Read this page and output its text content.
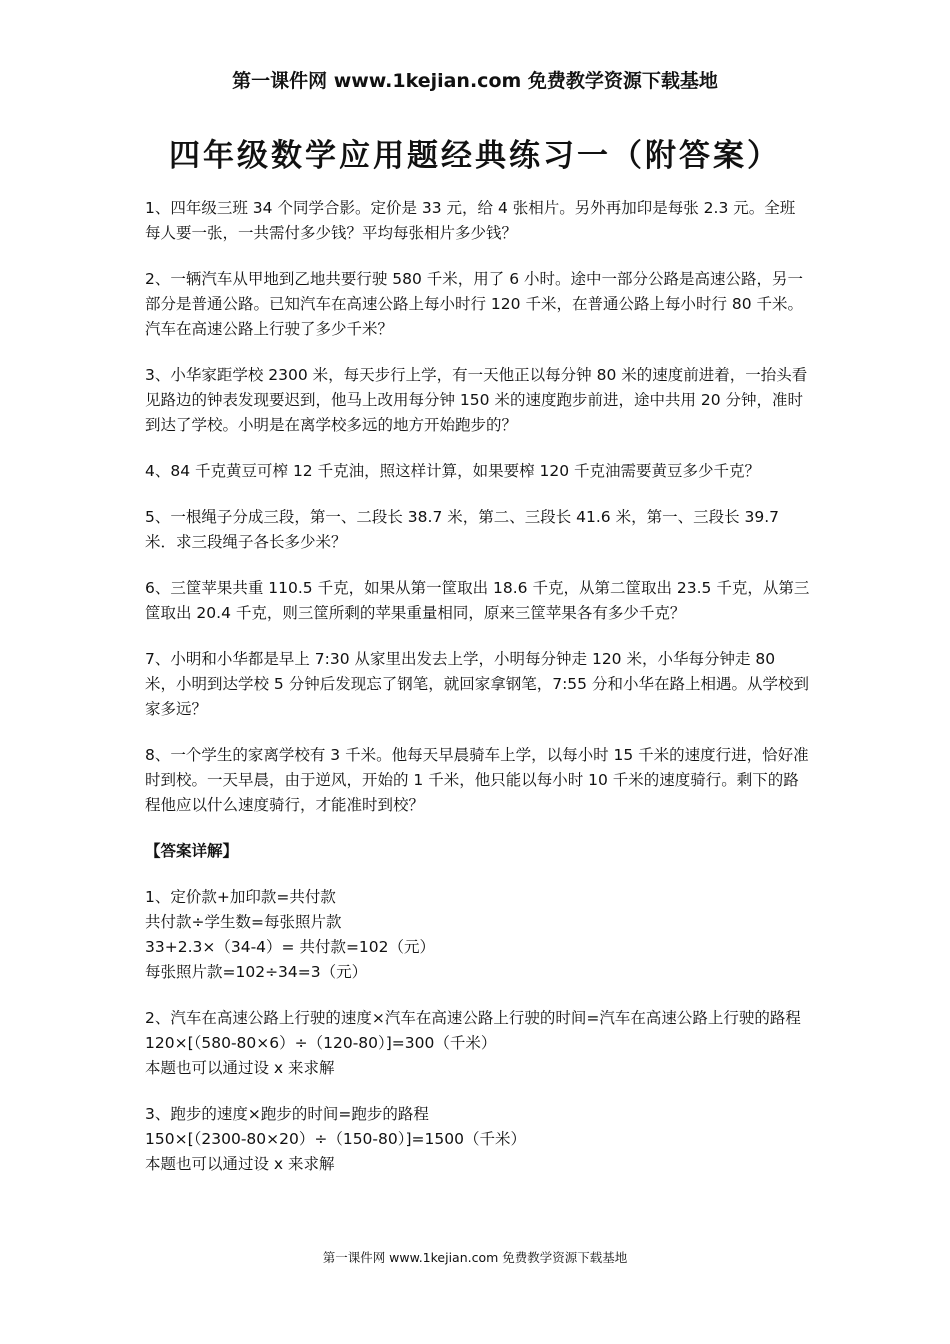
第一课件网 www.1kejian.com 免费教学资源下载基地
四年级数学应用题经典练习一（附答案）

1、四年级三班 34 个同学合影。定价是 33 元，给 4 张相片。另外再加印是每张 2.3 元。全班每人要一张，一共需付多少钱？平均每张相片多少钱？

2、一辆汽车从甲地到乙地共要行驶 580 千米，用了 6 小时。途中一部分公路是高速公路，另一部分是普通公路。已知汽车在高速公路上每小时行 120 千米，在普通公路上每小时行 80 千米。汽车在高速公路上行驶了多少千米？

3、小华家距学校 2300 米，每天步行上学，有一天他正以每分钟 80 米的速度前进着，一抬头看见路边的钟表发现要迟到，他马上改用每分钟 150 米的速度跑步前进，途中共用 20 分钟，准时到达了学校。小明是在离学校多远的地方开始跑步的？

4、84 千克黄豆可榨 12 千克油，照这样计算，如果要榨 120 千克油需要黄豆多少千克？

5、一根绳子分成三段，第一、二段长 38.7 米，第二、三段长 41.6 米，第一、三段长 39.7 米．求三段绳子各长多少米？

6、三筐苹果共重 110.5 千克，如果从第一筐取出 18.6 千克，从第二筐取出 23.5 千克，从第三筐取出 20.4 千克，则三筐所剩的苹果重量相同，原来三筐苹果各有多少千克？

7、小明和小华都是早上 7:30 从家里出发去上学，小明每分钟走 120 米，小华每分钟走 80 米，小明到达学校 5 分钟后发现忘了钢笔，就回家拿钢笔，7:55 分和小华在路上相遇。从学校到家多远？

8、一个学生的家离学校有 3 千米。他每天早晨骑车上学，以每小时 15 千米的速度行进，恰好准时到校。一天早晨，由于逆风，开始的 1 千米，他只能以每小时 10 千米的速度骑行。剩下的路程他应以什么速度骑行，才能准时到校？

【答案详解】

1、定价款+加印款=共付款
共付款÷学生数=每张照片款
33+2.3×（34-4）= 共付款=102（元）
每张照片款=102÷34=3（元）
2、汽车在高速公路上行驶的速度×汽车在高速公路上行驶的时间=汽车在高速公路上行驶的路程
120×[（580-80×6）÷（120-80）]=300（千米）
本题也可以通过设 x 来求解
3、跑步的速度×跑步的时间=跑步的路程
150×[（2300-80×20）÷（150-80）]=1500（千米）
本题也可以通过设 x 来求解
第一课件网 www.1kejian.com 免费教学资源下载基地
